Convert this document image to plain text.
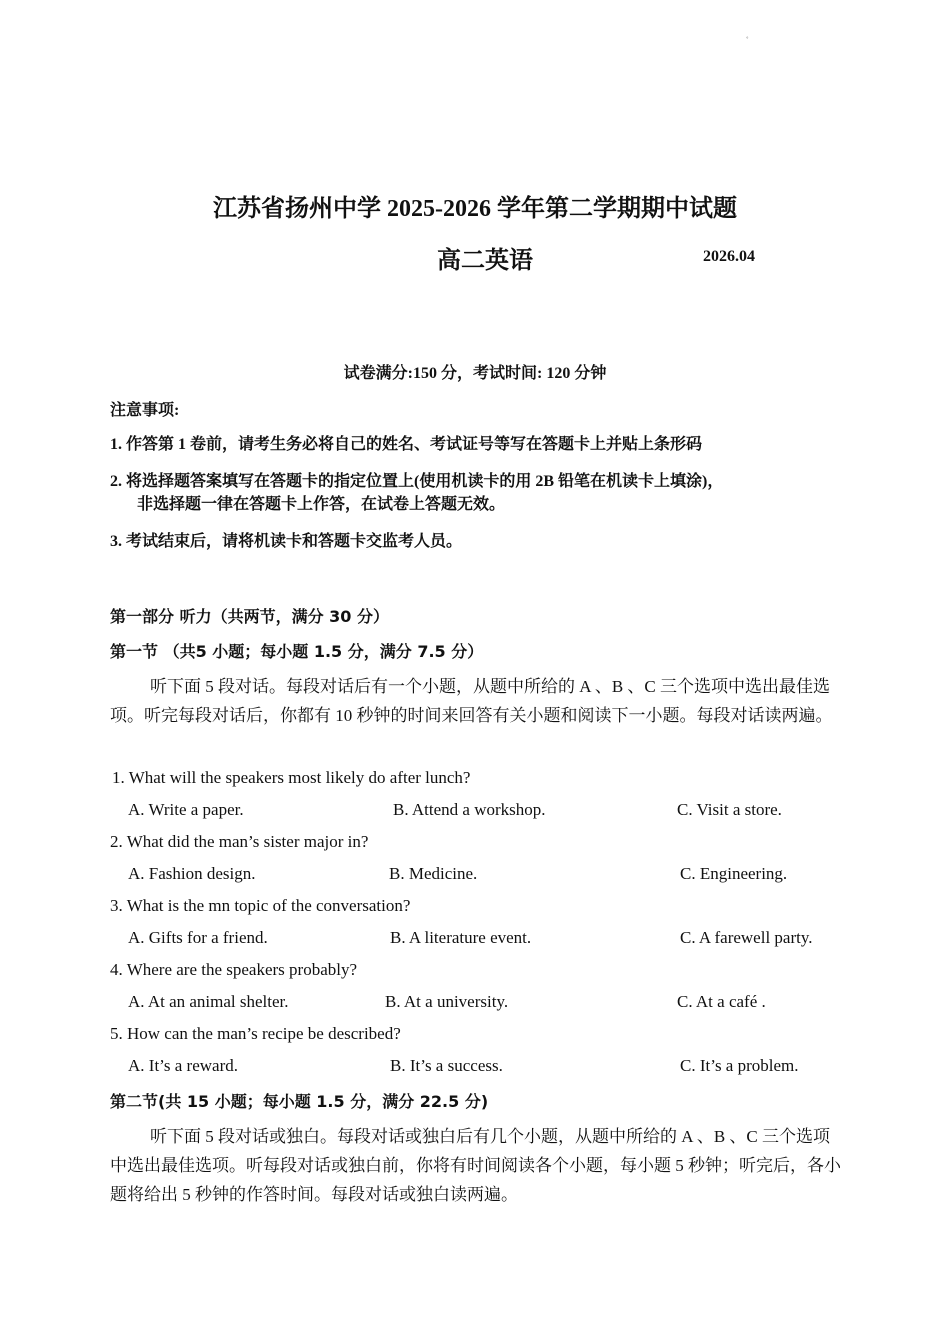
˚
江苏省扬州中学 2025-2026 学年第二学期期中试题
高二英语	2026.04
试卷满分:150 分，考试时间: 120 分钟
注意事项:
1. 作答第 1 卷前，请考生务必将自己的姓名、考试证号等写在答题卡上并贴上条形码
2. 将选择题答案填写在答题卡的指定位置上(使用机读卡的用 2B 铅笔在机读卡上填涂)，
非选择题一律在答题卡上作答，在试卷上答题无效。
3. 考试结束后，请将机读卡和答题卡交监考人员。
第一部分 听力（共两节，满分 30 分）
第一节 （共5 小题；每小题 1.5 分，满分 7.5 分）
听下面 5 段对话。每段对话后有一个小题，从题中所给的 A 、B 、C 三个选项中选出最佳选项。听完每段对话后，你都有 10 秒钟的时间来回答有关小题和阅读下一小题。每段对话读两遍。
1. What will the speakers most likely do after lunch?
A. Write a paper.	B. Attend a workshop.	C. Visit a store.
2. What did the man’s sister major in?
A. Fashion design.	B. Medicine.	C. Engineering.
3. What is the mn topic of the conversation?
A. Gifts for a friend.	B. A literature event.	C. A farewell party.
4. Where are the speakers probably?
A. At an animal shelter.	B. At a university.	C. At a café .
5. How can the man’s recipe be described?
A. It’s a reward.	B. It’s a success.	C. It’s a problem.
第二节(共 15 小题；每小题 1.5 分，满分 22.5 分)
听下面 5 段对话或独白。每段对话或独白后有几个小题，从题中所给的 A 、B 、C 三个选项中选出最佳选项。听每段对话或独白前，你将有时间阅读各个小题，每小题 5 秒钟；听完后，各小题将给出 5 秒钟的作答时间。每段对话或独白读两遍。
